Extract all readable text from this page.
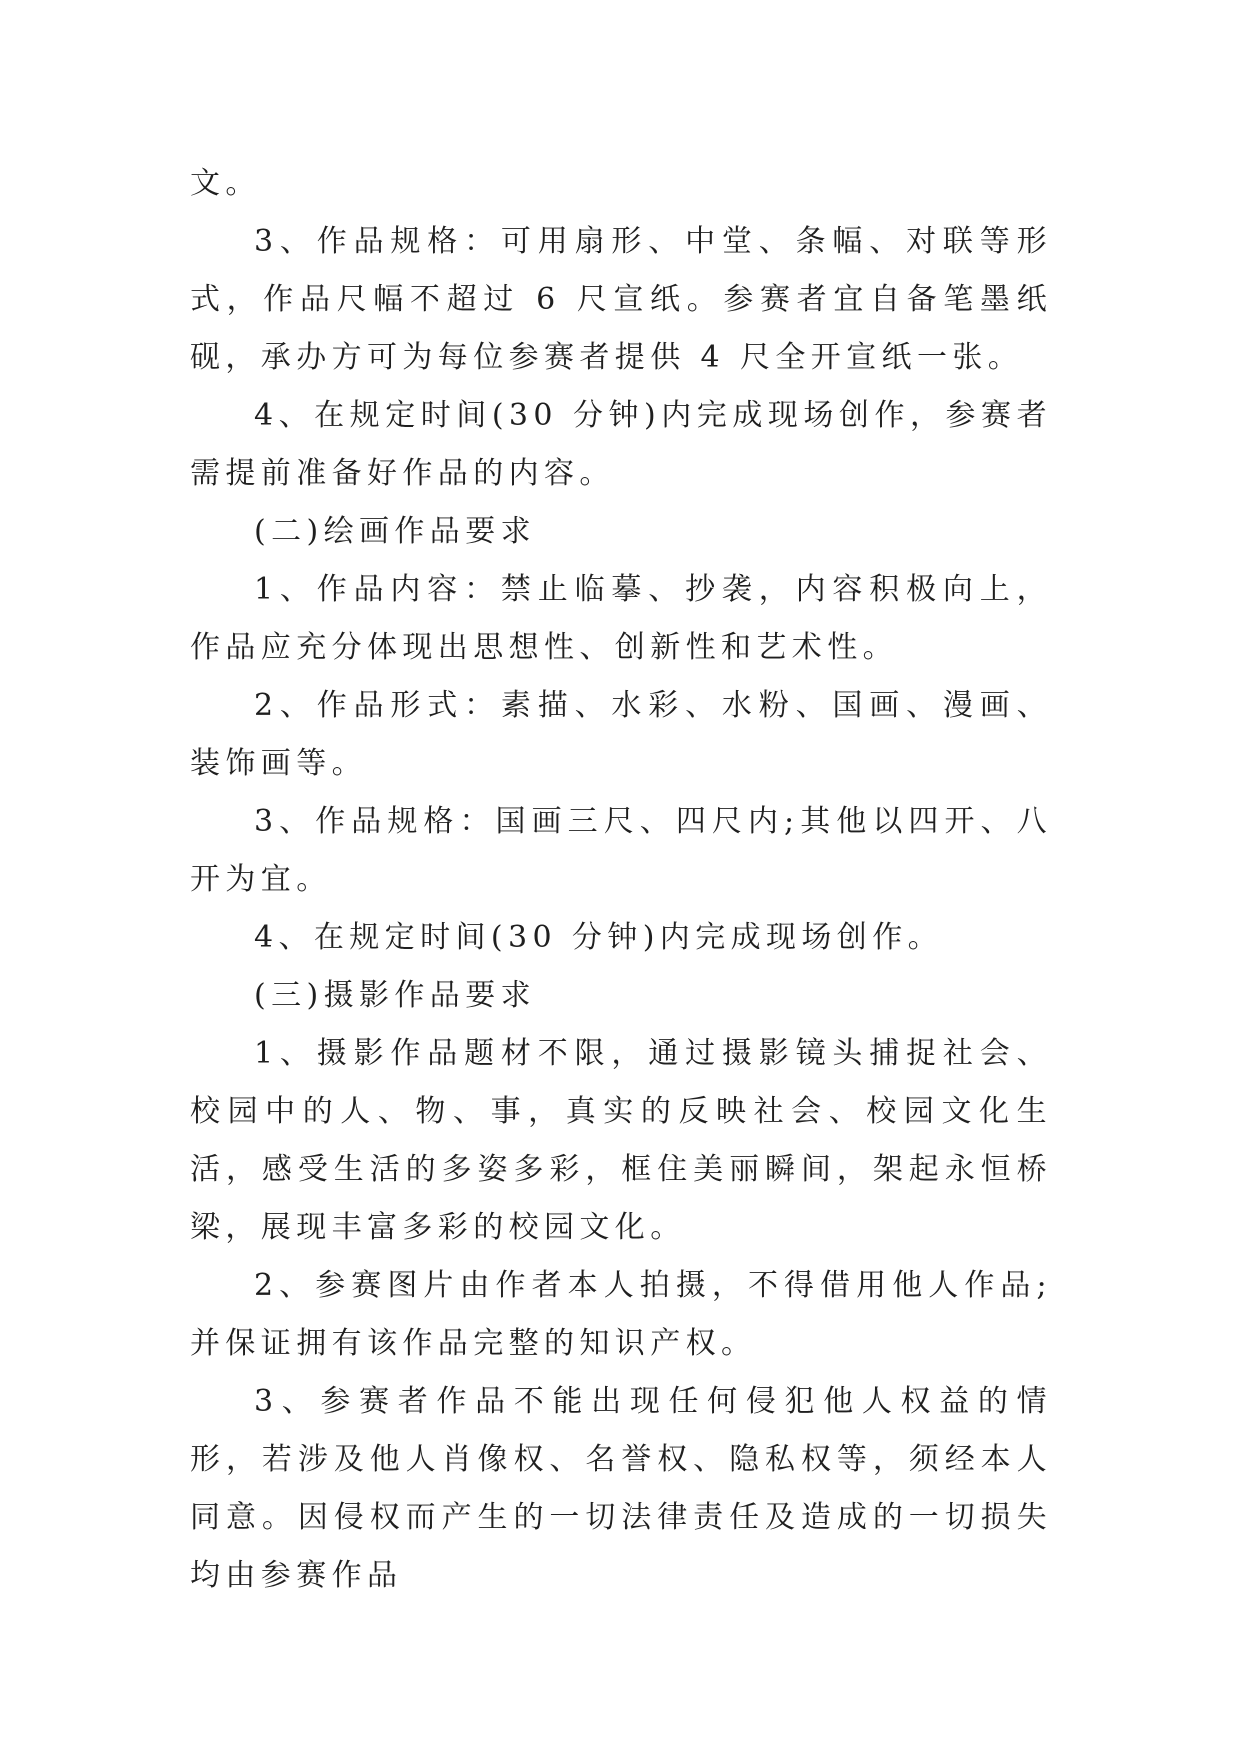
文。

3、作品规格：可用扇形、中堂、条幅、对联等形式，作品尺幅不超过 6 尺宣纸。参赛者宜自备笔墨纸砚，承办方可为每位参赛者提供 4 尺全开宣纸一张。

4、在规定时间(30 分钟)内完成现场创作，参赛者需提前准备好作品的内容。

(二)绘画作品要求

1、作品内容：禁止临摹、抄袭，内容积极向上，作品应充分体现出思想性、创新性和艺术性。

2、作品形式：素描、水彩、水粉、国画、漫画、装饰画等。

3、作品规格：国画三尺、四尺内;其他以四开、八开为宜。

4、在规定时间(30 分钟)内完成现场创作。

(三)摄影作品要求

1、摄影作品题材不限，通过摄影镜头捕捉社会、校园中的人、物、事，真实的反映社会、校园文化生活，感受生活的多姿多彩，框住美丽瞬间，架起永恒桥梁，展现丰富多彩的校园文化。

2、参赛图片由作者本人拍摄，不得借用他人作品;并保证拥有该作品完整的知识产权。

3、参赛者作品不能出现任何侵犯他人权益的情形，若涉及他人肖像权、名誉权、隐私权等，须经本人同意。因侵权而产生的一切法律责任及造成的一切损失均由参赛作品
